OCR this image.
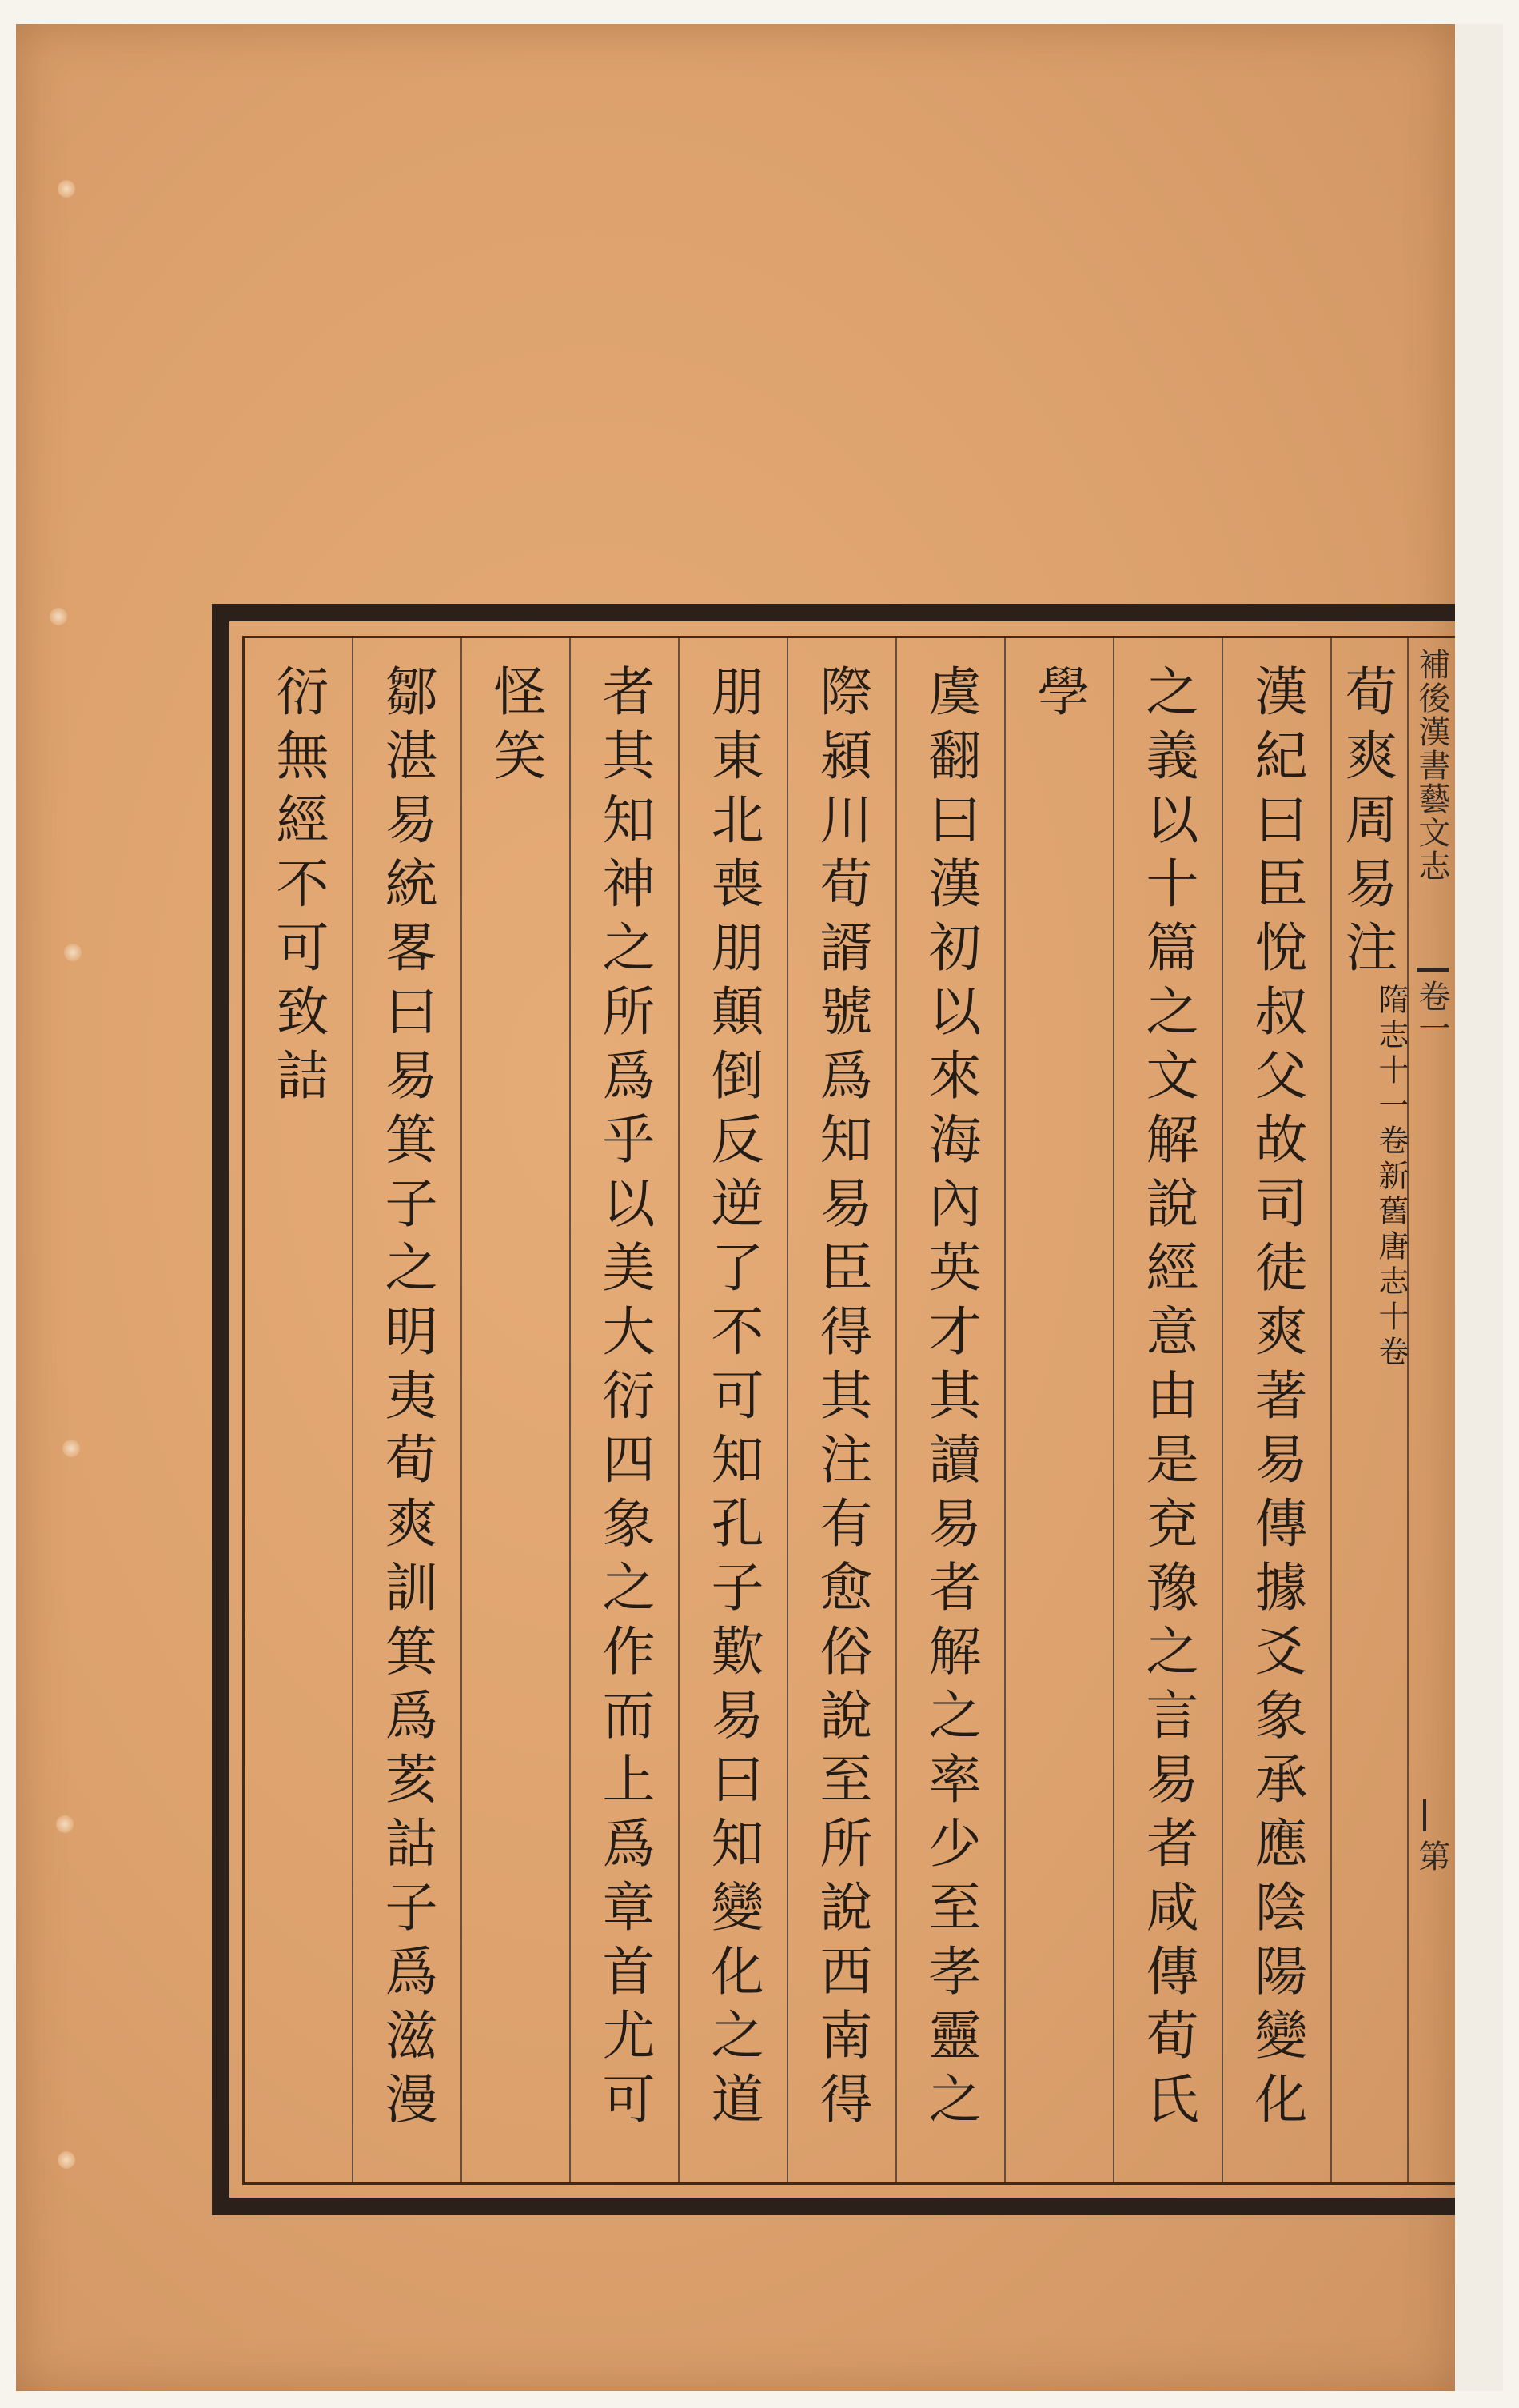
補後漢書藝文志
卷一
第
荀爽周易注隋志十一卷新舊唐志十卷
漢紀曰臣悅叔父故司徒爽著易傳據爻象承應陰陽變化
之義以十篇之文解說經意由是兗豫之言易者咸傳荀氏
學
虞翻曰漢初以來海內英才其讀易者解之率少至孝靈之
際潁川荀諝號爲知易臣得其注有愈俗說至所說西南得
朋東北喪朋顛倒反逆了不可知孔子歎易曰知變化之道
者其知神之所爲乎以美大衍四象之作而上爲章首尤可
怪笑
鄒湛易統畧曰易箕子之明夷荀爽訓箕爲荄詁子爲滋漫
衍無經不可致詰
